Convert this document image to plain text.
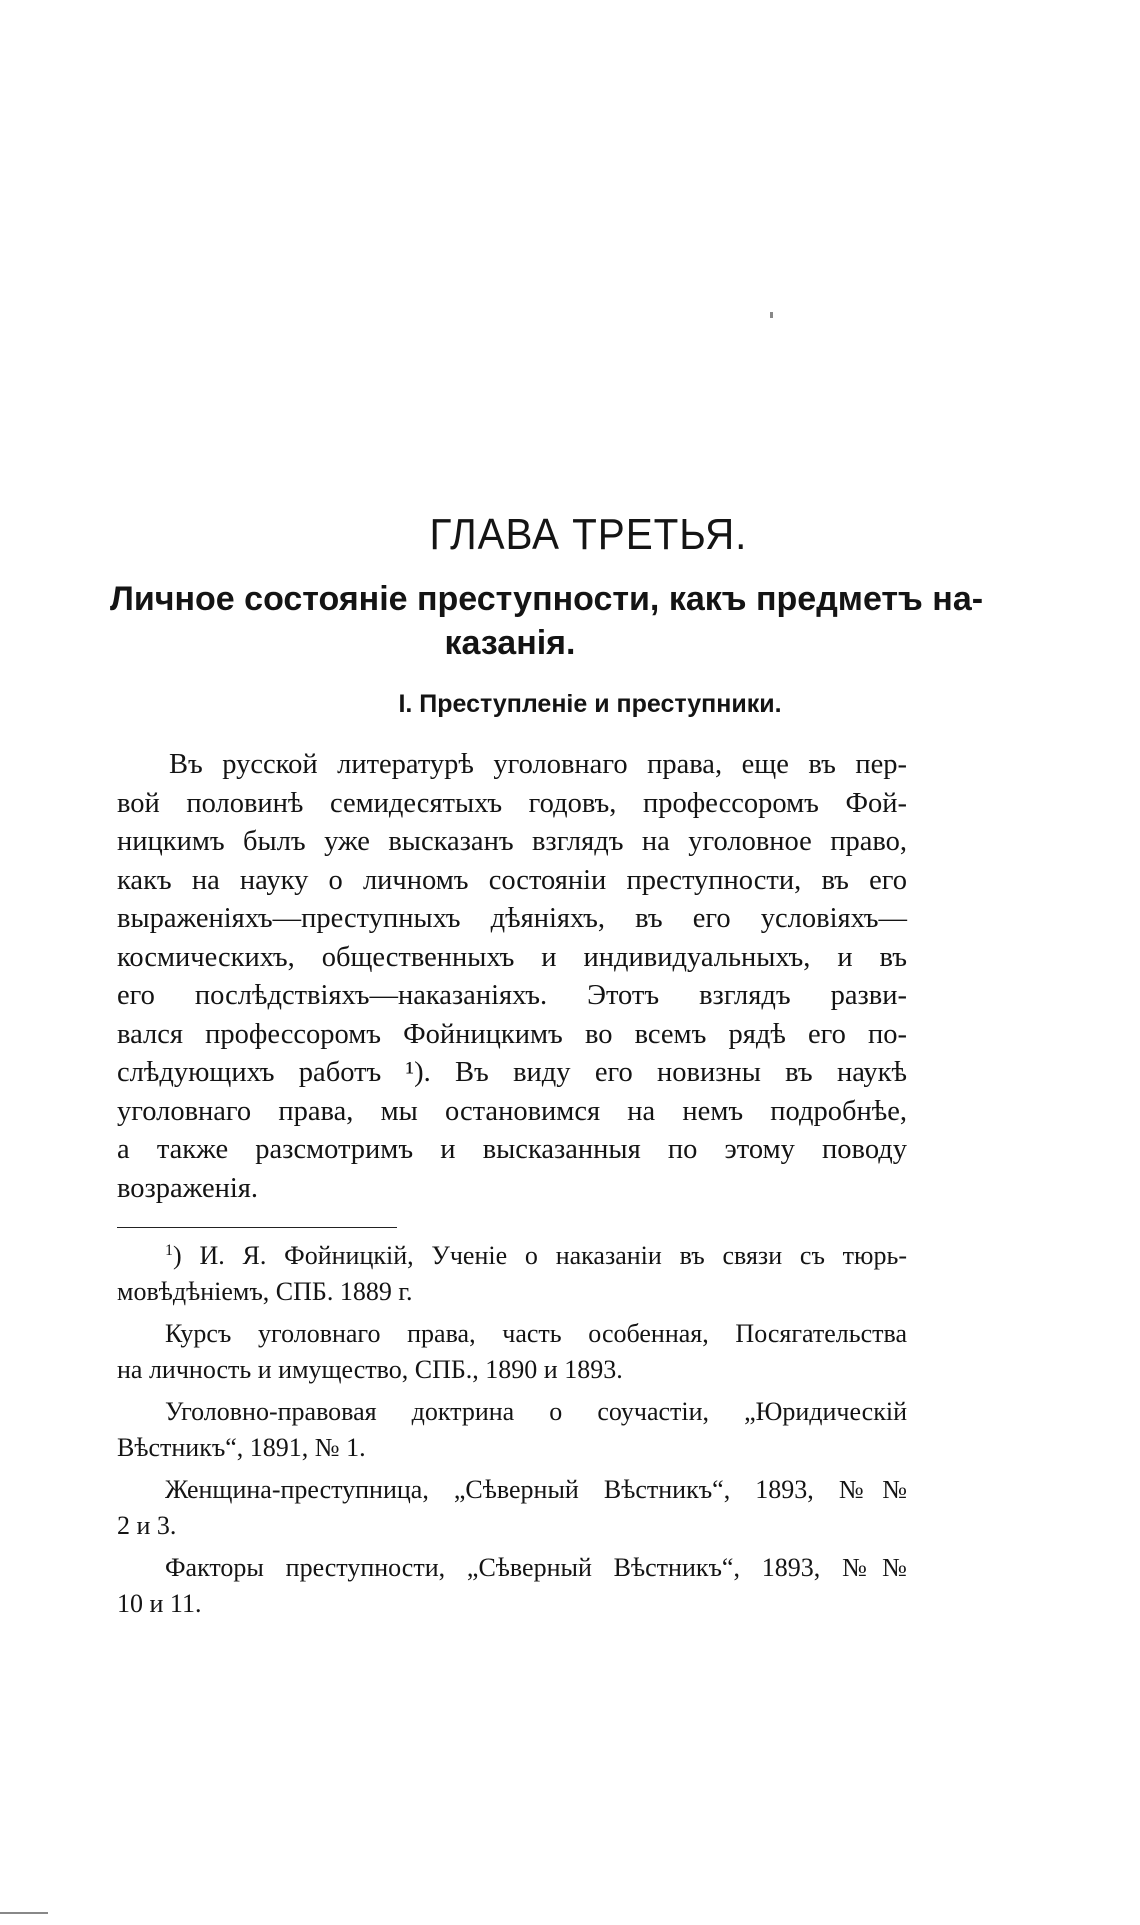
ГЛАВА ТРЕТЬЯ.
Личное состоянiе преступности, какъ предметъ на-
казанiя.
I. Преступленiе и преступники.
Въ русской литературѣ уголовнаго права, еще въ пер-
вой половинѣ семидесятыхъ годовъ, профессоромъ Фой-
ницкимъ былъ уже высказанъ взглядъ на уголовное право,
какъ на науку о личномъ состоянiи преступности, въ его
выраженiяхъ—преступныхъ дѣянiяхъ, въ его условiяхъ—
космическихъ, общественныхъ и индивидуальныхъ, и въ
его послѣдствiяхъ—наказанiяхъ. Этотъ взглядъ разви-
вался профессоромъ Фойницкимъ во всемъ рядѣ его по-
слѣдующихъ работъ ¹). Въ виду его новизны въ наукѣ
уголовнаго права, мы остановимся на немъ подробнѣе,
а также разсмотримъ и высказанныя по этому поводу
возраженiя.
$^1$) И. Я. Фойницкiй, Ученiе о наказанiи въ связи съ тюрь-
мовѣдѣнiемъ, СПБ. 1889 г.
Курсъ уголовнаго права, часть особенная, Посягательства
на личность и имущество, СПБ., 1890 и 1893.
Уголовно-правовая доктрина о соучастiи, „Юридическiй
Вѣстникъ“, 1891, № 1.
Женщина-преступница, „Сѣверный Вѣстникъ“, 1893, №№
2 и 3.
Факторы преступности, „Сѣверный Вѣстникъ“, 1893, №№
10 и 11.
